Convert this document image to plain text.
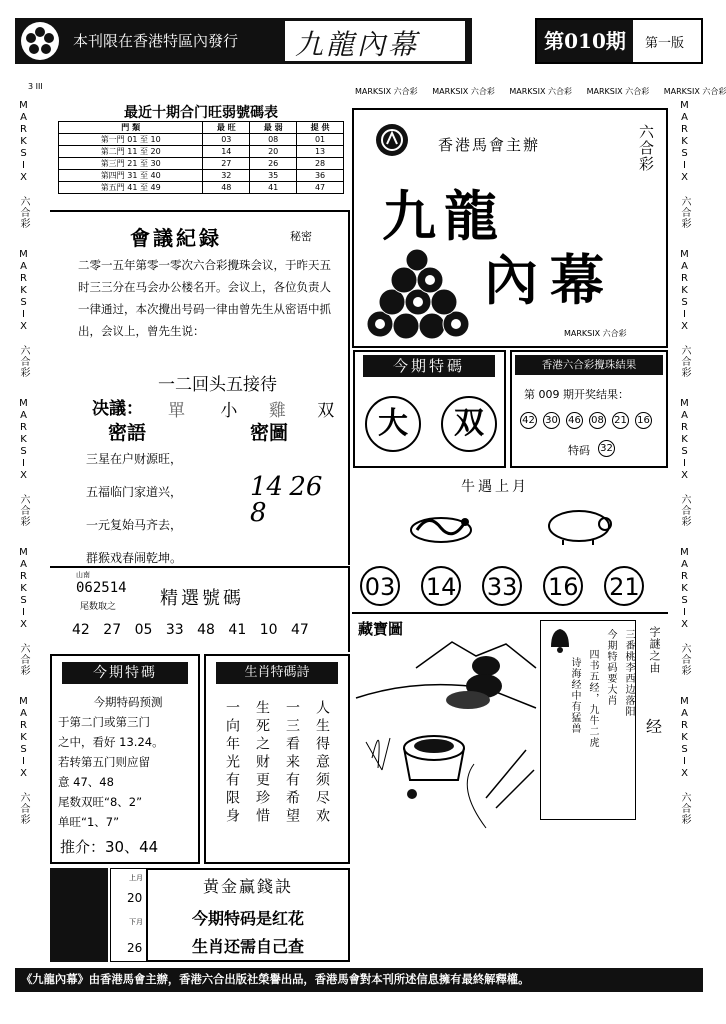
本刊限在香港特區內發行 九龍內幕	第010期	第一版
3 III
MARKSIX 六合彩 MARKSIX 六合彩 MARKSIX 六合彩 MARKSIX 六合彩 MARKSIX 六合彩
MARKSIX 六合彩
MARKSIX 六合彩
MARKSIX 六合彩
MARKSIX 六合彩
MARKSIX 六合彩
MARKSIX 六合彩
MARKSIX 六合彩
MARKSIX 六合彩
MARKSIX 六合彩
MARKSIX 六合彩
最近十期合门旺弱號碼表
門 類	最 旺	最 弱	提 供
第一門 01 至 10	03	08	01
第二門 11 至 20	14	20	13
第三門 21 至 30	27	26	28
第四門 31 至 40	32	35	36
第五門 41 至 49	48	41	47
會議紀録	秘密
二零一五年第零一零次六合彩攪珠会议，于昨天五时三三分在马会办公楼名开。会议上，各位负责人一律通过，本次攪出号码一律由曾先生从密语中抓出，会议上，曾先生说：
一二回头五接待
决議： 單 小 雞 双
密語	密圖
三星在户财源旺，
五福临门家道兴，
一元复始马齐去，
群猴戏春闹乾坤。
14 26 8
香港馬會主辦	六合彩
九龍
內幕
MARKSIX 六合彩
今期特碼
大	双
香港六合彩攪珠結果
第 009 期开奖结果：
42 30 46 08 21 16
特码 32
牛遇上月
山南
062514
尾数取之 精選號碼
42 27 05 33 48 41 10 47
03 14 33 16 21
藏寶圖	三番桃李西边落阳
今期特码要大肖
四书五经，九牛二虎
诗海经中有猛兽
字謎之由
经
今期特碼
今期特码预测
于第二门或第三门
之中，看好 13.24。
若转第五门则应留
意 47、48
尾数双旺“8、2”
单旺“1、7”
推介：30、44
生肖特碼詩
人生得意须尽欢
一三看来有希望
生死之财更珍惜
一向年光有限身
上月
20
下月
26
黄金赢錢訣
今期特码是红花
生肖还需自己查
《九龍內幕》由香港馬會主辦，香港六合出版社榮譽出品，香港馬會對本刊所述信息擁有最終解釋權。
